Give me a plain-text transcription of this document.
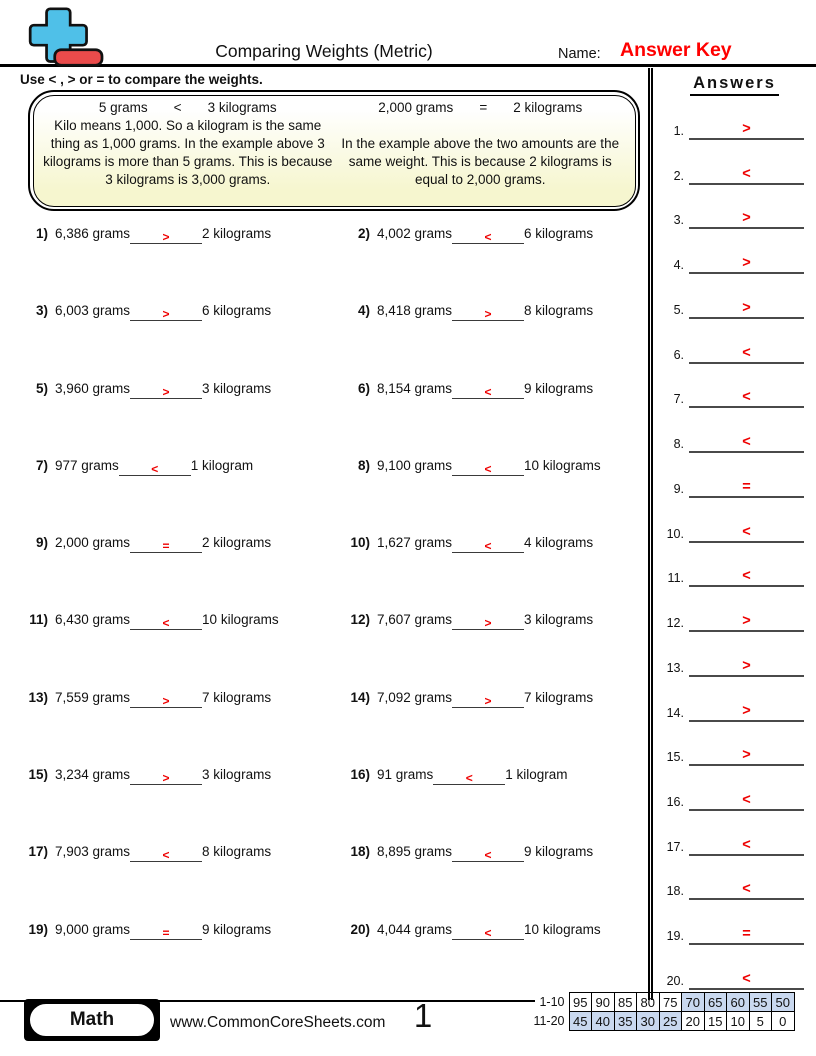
Comparing Weights (Metric)	Name: Answer Key
Use < , > or = to compare the weights.
5 grams < 3 kilograms
Kilo means 1,000. So a kilogram is the same thing as 1,000 grams. In the example above 3 kilograms is more than 5 grams. This is because 3 kilograms is 3,000 grams.
2,000 grams = 2 kilograms
In the example above the two amounts are the same weight. This is because 2 kilograms is equal to 2,000 grams.
1) 6,386 grams	> 2 kilograms	2) 4,002 grams	< 6 kilograms
3) 6,003 grams	> 6 kilograms	4) 8,418 grams	> 8 kilograms
5) 3,960 grams	> 3 kilograms	6) 8,154 grams	< 9 kilograms
7) 977 grams	< 1 kilogram	8) 9,100 grams	< 10 kilograms
9) 2,000 grams	= 2 kilograms	10) 1,627 grams	< 4 kilograms
11) 6,430 grams	< 10 kilograms	12) 7,607 grams	> 3 kilograms
13) 7,559 grams	> 7 kilograms	14) 7,092 grams	> 7 kilograms
15) 3,234 grams	> 3 kilograms	16) 91 grams	< 1 kilogram
17) 7,903 grams	< 8 kilograms	18) 8,895 grams	< 9 kilograms
19) 9,000 grams	= 9 kilograms	20) 4,044 grams	< 10 kilograms
Answers
1.	>
2.	<
3.	>
4.	>
5.	>
6.	<
7.	<
8.	<
9.	=
10.	<
11.	<
12.	>
13.	>
14.	>
15.	>
16.	<
17.	<
18.	<
19.	=
20.	<
Math	www.CommonCoreSheets.com 1	1-10	95	90	85	80	75	70	65	60	55	50
11-20	45	40	35	30	25	20	15	10	5	0
